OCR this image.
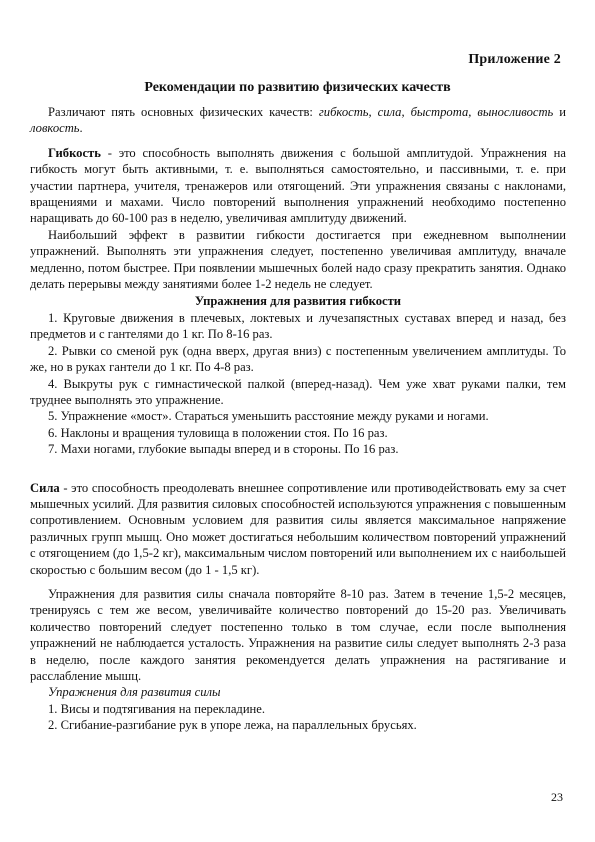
Приложение 2
Рекомендации по развитию физических качеств

Различают пять основных физических качеств: гибкость, сила, быстрота, выносливость и ловкость.

Гибкость - это способность выполнять движения с большой амплитудой. Упражнения на гибкость могут быть активными, т. е. выполняться самостоятельно, и пассивными, т. е. при участии партнера, учителя, тренажеров или отягощений. Эти упражнения связаны с наклонами, вращениями и махами. Число повторений выполнения упражнений необходимо постепенно наращивать до 60-100 раз в неделю, увеличивая амплитуду движений.

Наибольший эффект в развитии гибкости достигается при ежедневном выполнении упражнений. Выполнять эти упражнения следует, постепенно увеличивая амплитуду, вначале медленно, потом быстрее. При появлении мышечных болей надо сразу прекратить занятия. Однако делать перерывы между занятиями более 1-2 недель не следует.

Упражнения для развития гибкости

1. Круговые движения в плечевых, локтевых и лучезапястных суставах вперед и назад, без предметов и с гантелями до 1 кг. По 8-16 раз.

2. Рывки со сменой рук (одна вверх, другая вниз) с постепенным увеличением амплитуды. То же, но в руках гантели до 1 кг. По 4-8 раз.

4. Выкруты рук с гимнастической палкой (вперед-назад). Чем уже хват руками палки, тем труднее выполнять это упражнение.

5. Упражнение «мост». Стараться уменьшить расстояние между руками и ногами.

6. Наклоны и вращения туловища в положении стоя. По 16 раз.

7. Махи ногами, глубокие выпады вперед и в стороны. По 16 раз.

Сила - это способность преодолевать внешнее сопротивление или противодействовать ему за счет мышечных усилий. Для развития силовых способностей используются упражнения с повышенным сопротивлением. Основным условием для развития силы является максимальное напряжение различных групп мышц. Оно может достигаться небольшим количеством повторений упражнений с отягощением (до 1,5-2 кг), максимальным числом повторений или выполнением их с наибольшей скоростью с большим весом (до 1 - 1,5 кг).

Упражнения для развития силы сначала повторяйте 8-10 раз. Затем в течение 1,5-2 месяцев, тренируясь с тем же весом, увеличивайте количество повторений до 15-20 раз. Увеличивать количество повторений следует постепенно только в том случае, если после выполнения упражнений не наблюдается усталость. Упражнения на развитие силы следует выполнять 2-3 раза в неделю, после каждого занятия рекомендуется делать упражнения на растягивание и расслабление мышц.

Упражнения для развития силы

1. Висы и подтягивания на перекладине.

2. Сгибание-разгибание рук в упоре лежа, на параллельных брусьях.

23
